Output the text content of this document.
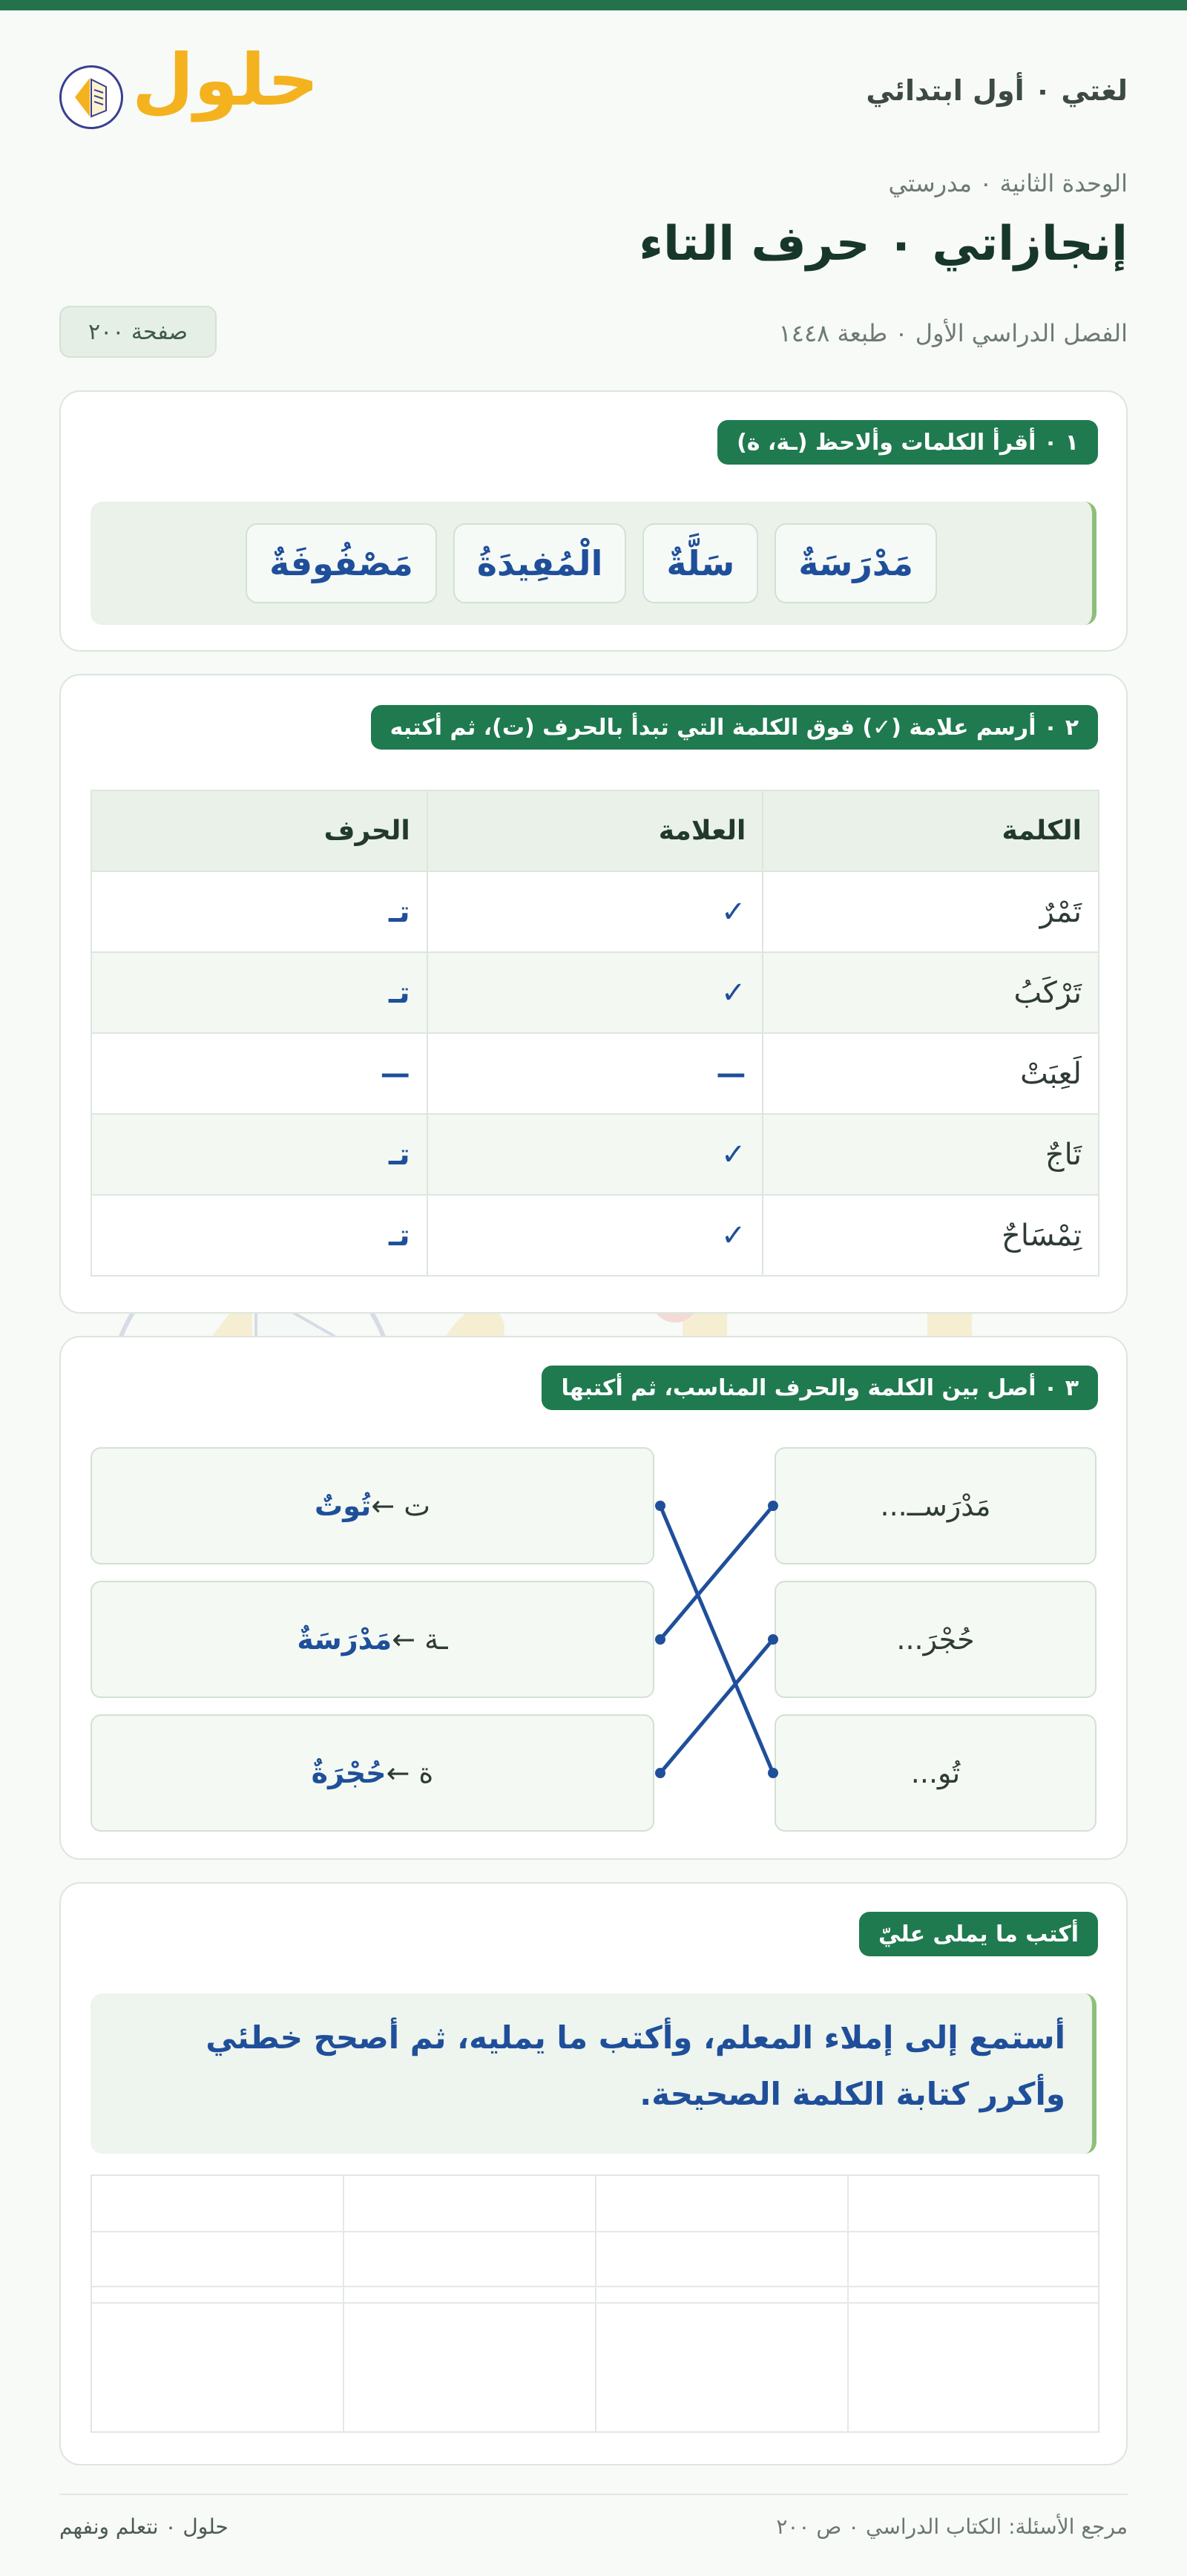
لغتي ٠ أول ابتدائي
حلول
الوحدة الثانية ٠ مدرستي
إنجازاتي ٠ حرف التاء
الفصل الدراسي الأول ٠ طبعة ١٤٤٨
صفحة ٢٠٠
١ ٠ أقرأ الكلمات وألاحظ (ـة، ة)
مَدْرَسَةٌ
سَلَّةٌ
الْمُفِيدَةُ
مَصْفُوفَةٌ
٢ ٠ أرسم علامة (✓) فوق الكلمة التي تبدأ بالحرف (ت)، ثم أكتبه
الكلمة	العلامة	الحرف
تَمْرٌ	✓	تـ
تَرْكَبُ	✓	تـ
لَعِبَتْ	—	—
تَاجٌ	✓	تـ
تِمْسَاحٌ	✓	تـ
٣ ٠ أصل بين الكلمة والحرف المناسب، ثم أكتبها
مَدْرَســ...
حُجْرَ...
تُو...
ت ←
تُوتٌ
ـة ←
مَدْرَسَةٌ
ة ←
حُجْرَةٌ
أكتب ما يملى عليّ
أستمع إلى إملاء المعلم، وأكتب ما يمليه، ثم أصحح خطئي وأكرر كتابة الكلمة الصحيحة.
مرجع الأسئلة: الكتاب الدراسي ٠ ص ٢٠٠
حلول ٠ نتعلم ونفهم
